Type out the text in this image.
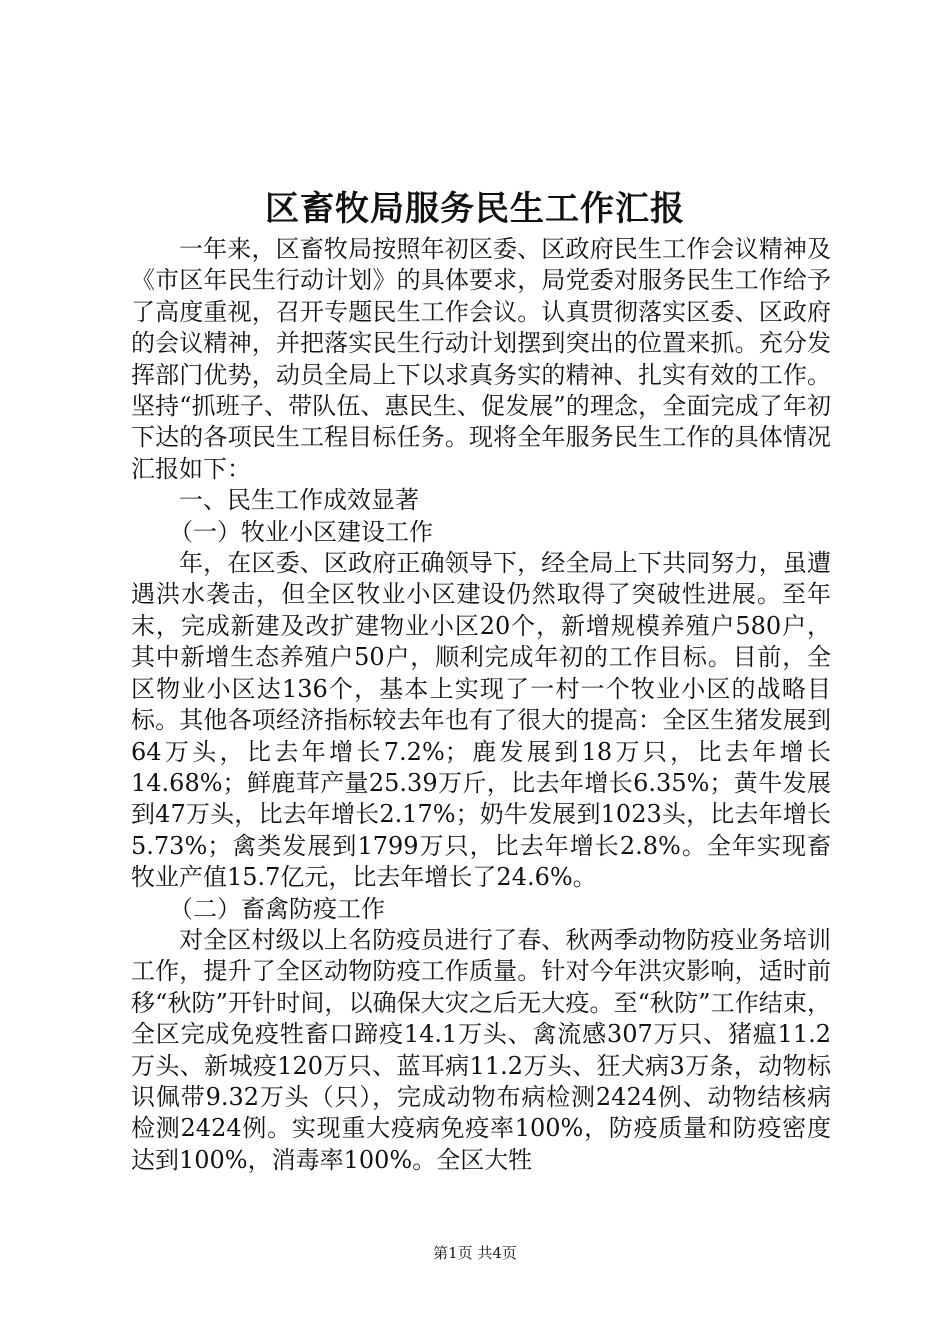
区畜牧局服务民生工作汇报

一年来，区畜牧局按照年初区委、区政府民生工作会议精神及《市区年民生行动计划》的具体要求，局党委对服务民生工作给予了高度重视，召开专题民生工作会议。认真贯彻落实区委、区政府的会议精神，并把落实民生行动计划摆到突出的位置来抓。充分发挥部门优势，动员全局上下以求真务实的精神、扎实有效的工作。坚持“抓班子、带队伍、惠民生、促发展”的理念，全面完成了年初下达的各项民生工程目标任务。现将全年服务民生工作的具体情况汇报如下：

一、民生工作成效显著

（一）牧业小区建设工作

年，在区委、区政府正确领导下，经全局上下共同努力，虽遭遇洪水袭击，但全区牧业小区建设仍然取得了突破性进展。至年末，完成新建及改扩建物业小区20个，新增规模养殖户580户，其中新增生态养殖户50户，顺利完成年初的工作目标。目前，全区物业小区达136个，基本上实现了一村一个牧业小区的战略目标。其他各项经济指标较去年也有了很大的提高：全区生猪发展到64万头，比去年增长7.2%；鹿发展到18万只，比去年增长14.68%；鲜鹿茸产量25.39万斤，比去年增长6.35%；黄牛发展到47万头，比去年增长2.17%；奶牛发展到1023头，比去年增长5.73%；禽类发展到1799万只，比去年增长2.8%。全年实现畜牧业产值15.7亿元，比去年增长了24.6%。

（二）畜禽防疫工作

对全区村级以上名防疫员进行了春、秋两季动物防疫业务培训工作，提升了全区动物防疫工作质量。针对今年洪灾影响，适时前移“秋防”开针时间，以确保大灾之后无大疫。至“秋防”工作结束，全区完成免疫牲畜口蹄疫14.1万头、禽流感307万只、猪瘟11.2万头、新城疫120万只、蓝耳病11.2万头、狂犬病3万条，动物标识佩带9.32万头（只），完成动物布病检测2424例、动物结核病检测2424例。实现重大疫病免疫率100%，防疫质量和防疫密度达到100%，消毒率100%。全区大牲

第1页 共4页
